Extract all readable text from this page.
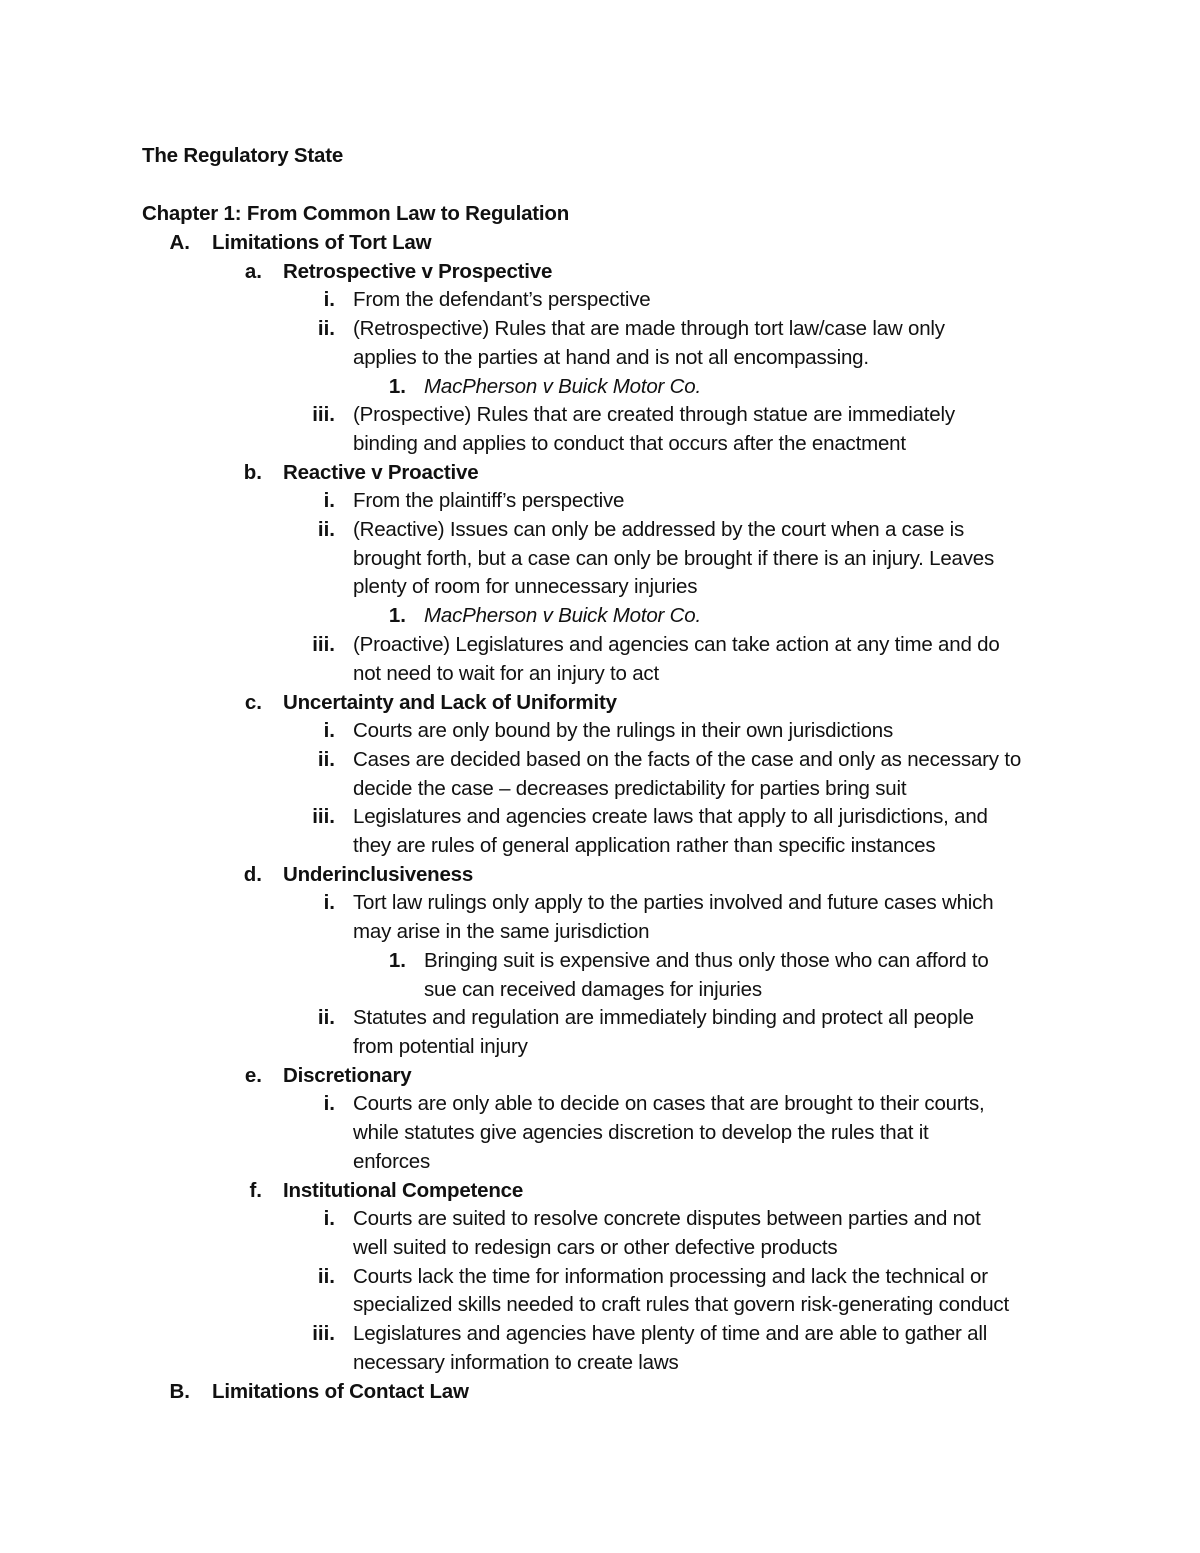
The Regulatory State
Chapter 1: From Common Law to Regulation
A. Limitations of Tort Law
a. Retrospective v Prospective
i. From the defendant’s perspective
ii. (Retrospective) Rules that are made through tort law/case law only
applies to the parties at hand and is not all encompassing.
1. MacPherson v Buick Motor Co.
iii. (Prospective) Rules that are created through statue are immediately
binding and applies to conduct that occurs after the enactment
b. Reactive v Proactive
i. From the plaintiff’s perspective
ii. (Reactive) Issues can only be addressed by the court when a case is
brought forth, but a case can only be brought if there is an injury. Leaves
plenty of room for unnecessary injuries
1. MacPherson v Buick Motor Co.
iii. (Proactive) Legislatures and agencies can take action at any time and do
not need to wait for an injury to act
c. Uncertainty and Lack of Uniformity
i. Courts are only bound by the rulings in their own jurisdictions
ii. Cases are decided based on the facts of the case and only as necessary to
decide the case – decreases predictability for parties bring suit
iii. Legislatures and agencies create laws that apply to all jurisdictions, and
they are rules of general application rather than specific instances
d. Underinclusiveness
i. Tort law rulings only apply to the parties involved and future cases which
may arise in the same jurisdiction
1. Bringing suit is expensive and thus only those who can afford to
sue can received damages for injuries
ii. Statutes and regulation are immediately binding and protect all people
from potential injury
e. Discretionary
i. Courts are only able to decide on cases that are brought to their courts,
while statutes give agencies discretion to develop the rules that it
enforces
f. Institutional Competence
i. Courts are suited to resolve concrete disputes between parties and not
well suited to redesign cars or other defective products
ii. Courts lack the time for information processing and lack the technical or
specialized skills needed to craft rules that govern risk-generating conduct
iii. Legislatures and agencies have plenty of time and are able to gather all
necessary information to create laws
B. Limitations of Contact Law
